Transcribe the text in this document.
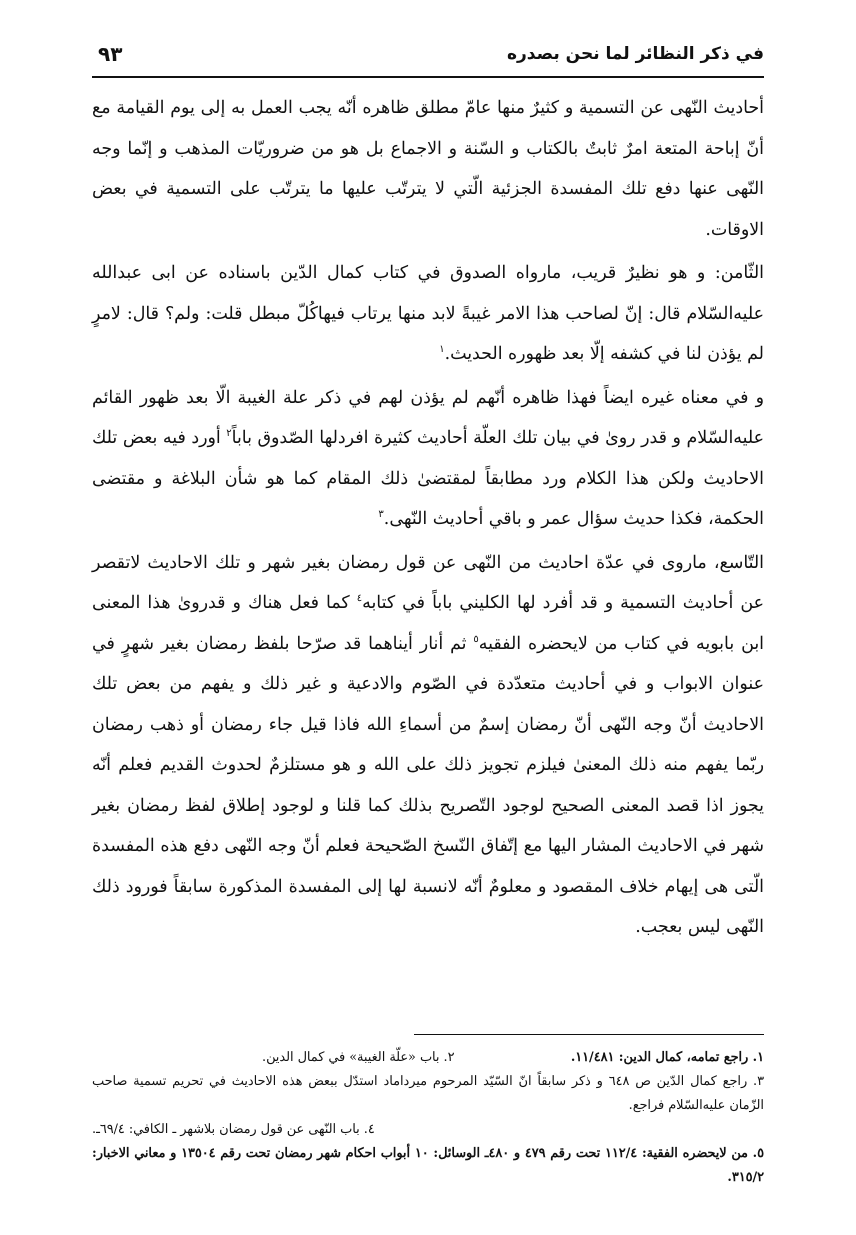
في ذكر النظائر لما نحن بصدره
٩٣

أحاديث النّهى عن التسمية و كثيرٌ منها عامّ مطلق ظاهره أنّه يجب العمل به إلى يوم القيامة مع أنّ إباحة المتعة امرٌ ثابتٌ بالكتاب و السّنة و الاجماع بل هو من ضروريّات المذهب و إنّما وجه النّهى عنها دفع تلك المفسدة الجزئية الّتي لا يترتّب عليها ما يترتّب على التسمية في بعض الاوقات.

الثّامن: و هو نظيرٌ قريب، مارواه الصدوق في كتاب كمال الدّين باسناده عن ابى عبدالله عليه‌السّلام قال: إنّ لصاحب هذا الامر غيبةً لابد منها يرتاب فيهاكُلّ مبطل قلت: ولم؟ قال: لامرٍ لم يؤذن لنا في كشفه إلّا بعد ظهوره الحديث.$^١$

و في معناه غيره ايضاً فهذا ظاهره أنّهم لم يؤذن لهم في ذكر علة الغيبة الّا بعد ظهور القائم عليه‌السّلام و قدر روىٰ في بيان تلك العلّة أحاديث كثيرة افردلها الصّدوق باباً$^٢$ أورد فيه بعض تلك الاحاديث ولكن هذا الكلام ورد مطابقاً لمقتضىٰ ذلك المقام كما هو شأن البلاغة و مقتضى الحكمة، فكذا حديث سؤال عمر و باقي أحاديث النّهى.$^٣$

التّاسع، ماروى في عدّة احاديث من النّهى عن قول رمضان بغير شهر و تلك الاحاديث لاتقصر عن أحاديث التسمية و قد أفرد لها الكليني باباً في كتابه$^٤$ كما فعل هناك و قدروىٰ هذا المعنى ابن بابويه في كتاب من لايحضره الفقيه$^٥$ ثم أنار أيناهما قد صرّحا بلفظ رمضان بغير شهرٍ في عنوان الابواب و في أحاديث متعدّدة في الصّوم والادعية و غير ذلك و يفهم من بعض تلك الاحاديث أنّ وجه النّهى أنّ رمضان إسمٌ من أسماءِ الله فاذا قيل جاء رمضان أو ذهب رمضان ربّما يفهم منه ذلك المعنىٰ فيلزم تجويز ذلك على الله و هو مستلزمٌ لحدوث القديم فعلم أنّه يجوز اذا قصد المعنى الصحيح لوجود التّصريح بذلك كما قلنا و لوجود إطلاق لفظ رمضان بغير شهر في الاحاديث المشار اليها مع إتّفاق النّسخ الصّحيحة فعلم أنّ وجه النّهى دفع هذه المفسدة الّتى هى إيهام خلاف المقصود و معلومٌ أنّه لانسبة لها إلى المفسدة المذكورة سابقاً فورود ذلك النّهى ليس بعجب.

١. راجع تمامه، كمال الدين: ١١/٤٨١.
٢. باب «علّة الغيبة» في كمال الدين.
٣. راجع كمال الدّين ص ٦٤٨ و ذكر سابقاً انّ السّيّد المرحوم ميرداماد استدّل ببعض هذه الاحاديث في تحريم تسمية صاحب الزّمان عليه‌السّلام فراجع.
٤. باب النّهى عن قول رمضان بلاشهر ـ الكافي: ٦٩/٤ـ.
٥. من لايحضره الفقية: ١١٢/٤ تحت رقم ٤٧٩ و ٤٨٠ـ الوسائل: ١٠ أبواب احكام شهر رمضان تحت رقم ١٣٥٠٤ و معاني الاخبار: ٣١٥/٢.
